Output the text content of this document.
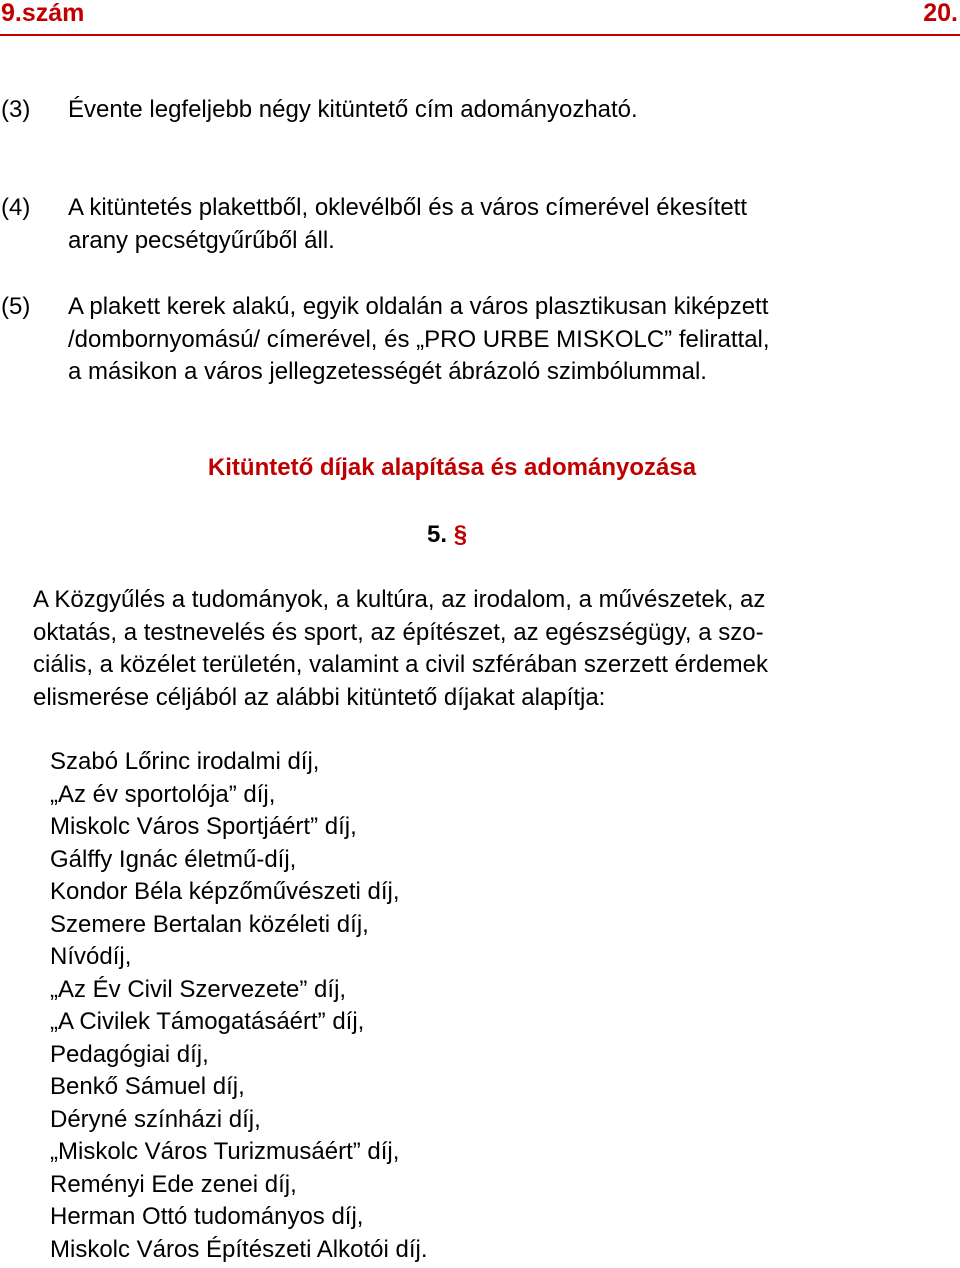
9.szám	20.
(3) Évente legfeljebb négy kitüntető cím adományozható.
(4) A kitüntetés plakettből, oklevélből és a város címerével ékesített
arany pecsétgyűrűből áll.
(5) A plakett kerek alakú, egyik oldalán a város plasztikusan kiképzett
/dombornyomású/ címerével, és „PRO URBE MISKOLC” felirattal,
a másikon a város jellegzetességét ábrázoló szimbólummal.
Kitüntető díjak alapítása és adományozása
5. §
A Közgyűlés a tudományok, a kultúra, az irodalom, a művészetek, az
oktatás, a testnevelés és sport, az építészet, az egészségügy, a szo-
ciális, a közélet területén, valamint a civil szférában szerzett érdemek
elismerése céljából az alábbi kitüntető díjakat alapítja:
Szabó Lőrinc irodalmi díj,
„Az év sportolója” díj,
Miskolc Város Sportjáért” díj,
Gálffy Ignác életmű-díj,
Kondor Béla képzőművészeti díj,
Szemere Bertalan közéleti díj,
Nívódíj,
„Az Év Civil Szervezete” díj,
„A Civilek Támogatásáért” díj,
Pedagógiai díj,
Benkő Sámuel díj,
Déryné színházi díj,
„Miskolc Város Turizmusáért” díj,
Reményi Ede zenei díj,
Herman Ottó tudományos díj,
Miskolc Város Építészeti Alkotói díj.
